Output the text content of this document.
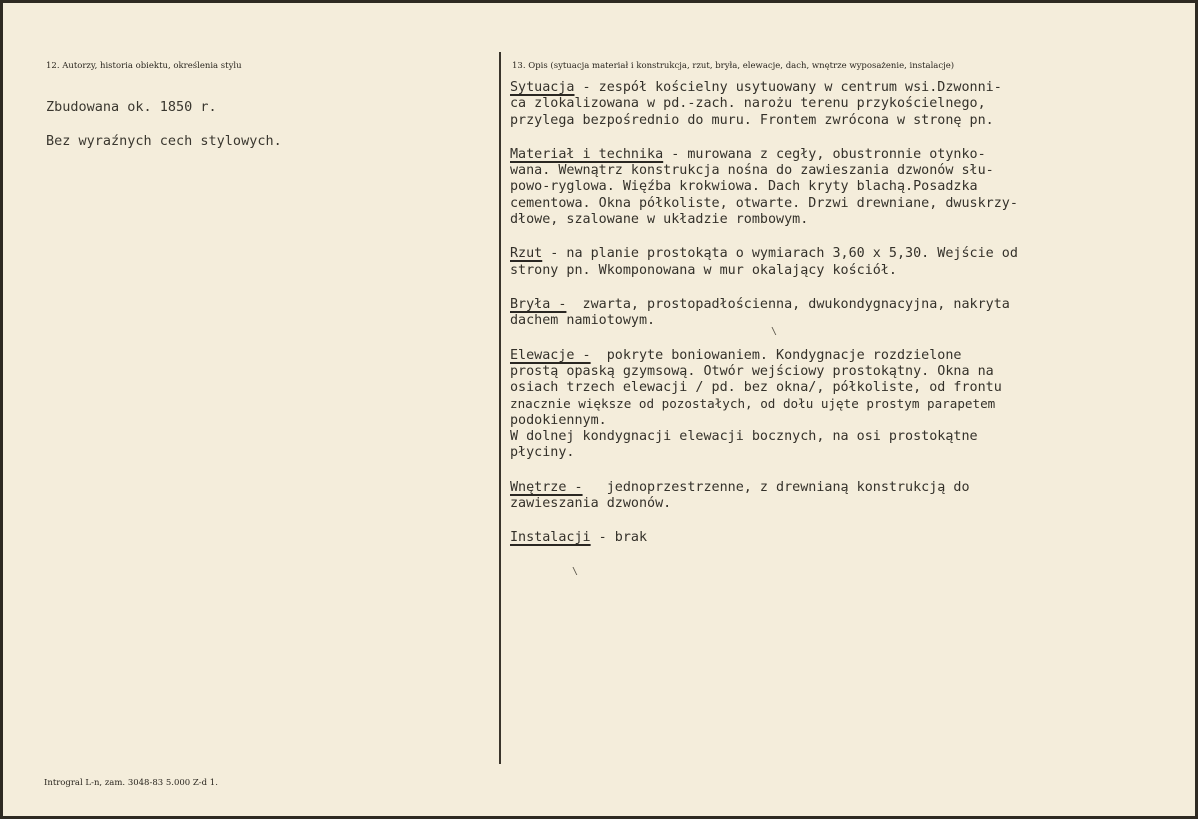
12. Autorzy, historia obiektu, określenia stylu	13. Opis (sytuacja materiał i konstrukcja, rzut, bryła, elewacje, dach, wnętrze wyposażenie, instalacje)
Zbudowana ok. 1850 r.
Bez wyraźnych cech stylowych.
Sytuacja - zespół kościelny usytuowany w centrum wsi.Dzwonni-
ca zlokalizowana w pd.-zach. narożu terenu przykościelnego,
przylega bezpośrednio do muru. Frontem zwrócona w stronę pn.
Materiał i technika - murowana z cegły, obustronnie otynko-
wana. Wewnątrz konstrukcja nośna do zawieszania dzwonów słu-
powo-ryglowa. Więźba krokwiowa. Dach kryty blachą.Posadzka
cementowa. Okna półkoliste, otwarte. Drzwi drewniane, dwuskrzy-
dłowe, szalowane w układzie rombowym.
Rzut - na planie prostokąta o wymiarach 3,60 x 5,30. Wejście od
strony pn. Wkomponowana w mur okalający kościół.
Bryła -  zwarta, prostopadłościenna, dwukondygnacyjna, nakryta
dachem namiotowym.
Elewacje -  pokryte boniowaniem. Kondygnacje rozdzielone
prostą opaską gzymsową. Otwór wejściowy prostokątny. Okna na
osiach trzech elewacji / pd. bez okna/, półkoliste, od frontu
znacznie większe od pozostałych, od dołu ujęte prostym parapetem
podokiennym.
W dolnej kondygnacji elewacji bocznych, na osi prostokątne
płyciny.
Wnętrze -   jednoprzestrzenne, z drewnianą konstrukcją do
zawieszania dzwonów.
Instalacji - brak
\
\
Introgral L-n, zam. 3048-83 5.000 Z-d 1.
